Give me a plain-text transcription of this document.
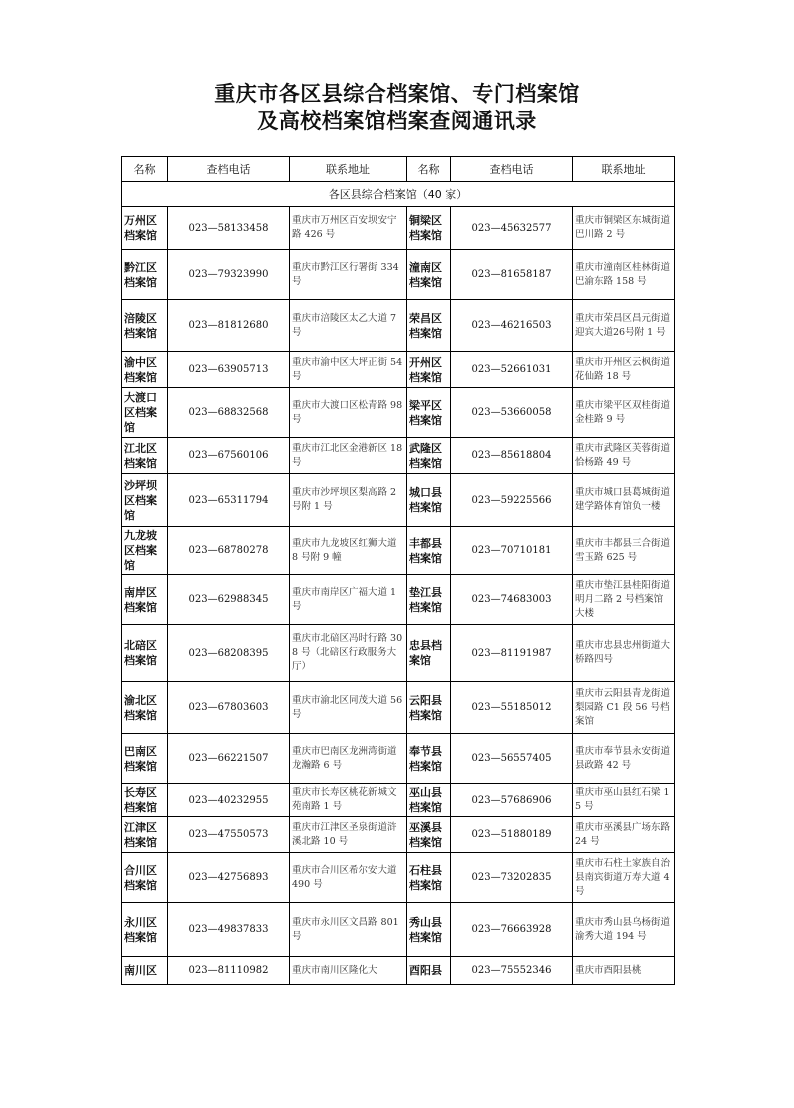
重庆市各区县综合档案馆、专门档案馆
及高校档案馆档案查阅通讯录
名称	查档电话	联系地址	名称	查档电话	联系地址
各区县综合档案馆（40 家）					
万州区档案馆	023—58133458	重庆市万州区百安坝安宁路 426 号	铜梁区档案馆	023—45632577	重庆市铜梁区东城街道巴川路 2 号
黔江区档案馆	023—79323990	重庆市黔江区行署街 334 号	潼南区档案馆	023—81658187	重庆市潼南区桂林街道巴渝东路 158 号
涪陵区档案馆	023—81812680	重庆市涪陵区太乙大道 7 号	荣昌区档案馆	023—46216503	重庆市荣昌区昌元街道迎宾大道26号附 1 号
渝中区档案馆	023—63905713	重庆市渝中区大坪正街 54 号	开州区档案馆	023—52661031	重庆市开州区云枫街道花仙路 18 号
大渡口区档案馆	023—68832568	重庆市大渡口区松青路 98 号	梁平区档案馆	023—53660058	重庆市梁平区双桂街道金桂路 9 号
江北区档案馆	023—67560106	重庆市江北区金港新区 18 号	武隆区档案馆	023—85618804	重庆市武隆区芙蓉街道恰杨路 49 号
沙坪坝区档案馆	023—65311794	重庆市沙坪坝区梨高路 2 号附 1 号	城口县档案馆	023—59225566	重庆市城口县葛城街道建学路体育馆负一楼
九龙坡区档案馆	023—68780278	重庆市九龙坡区红狮大道 8 号附 9 幢	丰都县档案馆	023—70710181	重庆市丰都县三合街道雪玉路 625 号
南岸区档案馆	023—62988345	重庆市南岸区广福大道 1 号	垫江县档案馆	023—74683003	重庆市垫江县桂阳街道明月二路 2 号档案馆大楼
北碚区档案馆	023—68208395	重庆市北碚区冯时行路 308 号（北碚区行政服务大厅）	忠县档案馆	023—81191987	重庆市忠县忠州街道大桥路四号
渝北区档案馆	023—67803603	重庆市渝北区同茂大道 56 号	云阳县档案馆	023—55185012	重庆市云阳县青龙街道梨园路 C1 段 56 号档案馆
巴南区档案馆	023—66221507	重庆市巴南区龙洲湾街道龙瀚路 6 号	奉节县档案馆	023—56557405	重庆市奉节县永安街道县政路 42 号
长寿区档案馆	023—40232955	重庆市长寿区桃花新城文苑南路 1 号	巫山县档案馆	023—57686906	重庆市巫山县红石梁 15 号
江津区档案馆	023—47550573	重庆市江津区圣泉街道浒溪北路 10 号	巫溪县档案馆	023—51880189	重庆市巫溪县广场东路 24 号
合川区档案馆	023—42756893	重庆市合川区希尔安大道 490 号	石柱县档案馆	023—73202835	重庆市石柱土家族自治县南宾街道万寿大道 4 号
永川区档案馆	023—49837833	重庆市永川区文昌路 801 号	秀山县档案馆	023—76663928	重庆市秀山县乌杨街道渝秀大道 194 号
南川区	023—81110982	重庆市南川区隆化大	酉阳县	023—75552346	重庆市酉阳县桃
